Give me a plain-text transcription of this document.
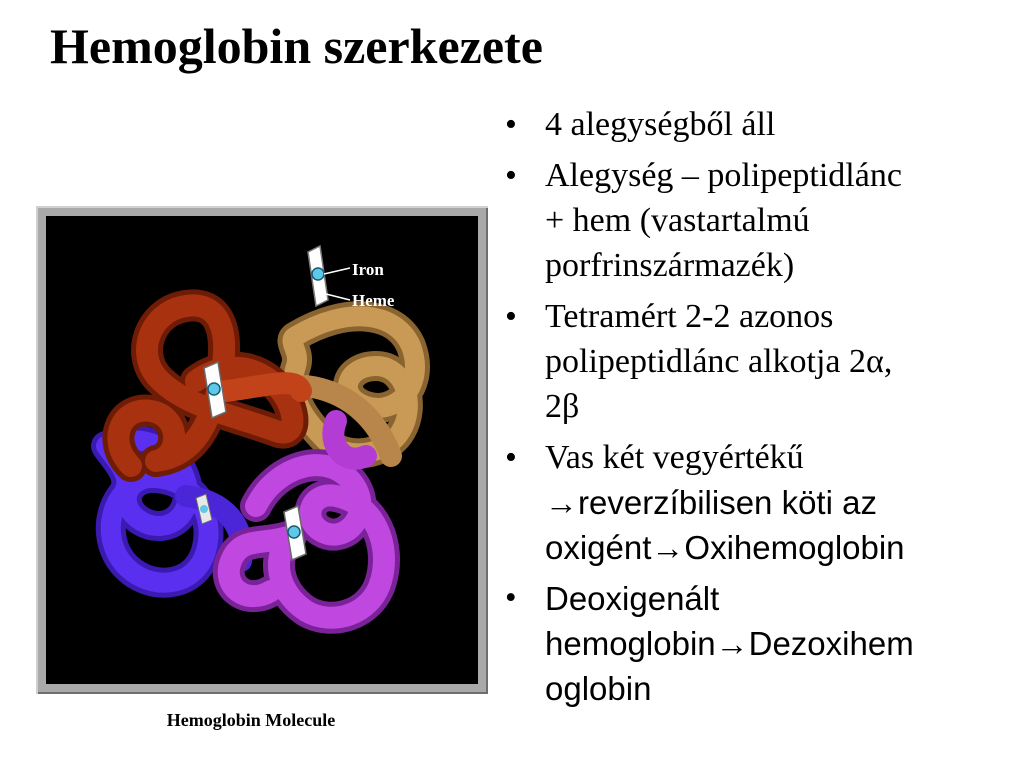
Hemoglobin szerkezete
Iron
Heme
Hemoglobin Molecule
• 4 alegységből áll
• Alegység – polipeptidlánc
+ hem (vastartalmú
porfrinszármazék)
• Tetramért 2-2 azonos
polipeptidlánc alkotja 2α,
2β
• Vas két vegyértékű
→reverzíbilisen köti az
oxigént→Oxihemoglobin
• Deoxigenált
hemoglobin→Dezoxihem
oglobin
